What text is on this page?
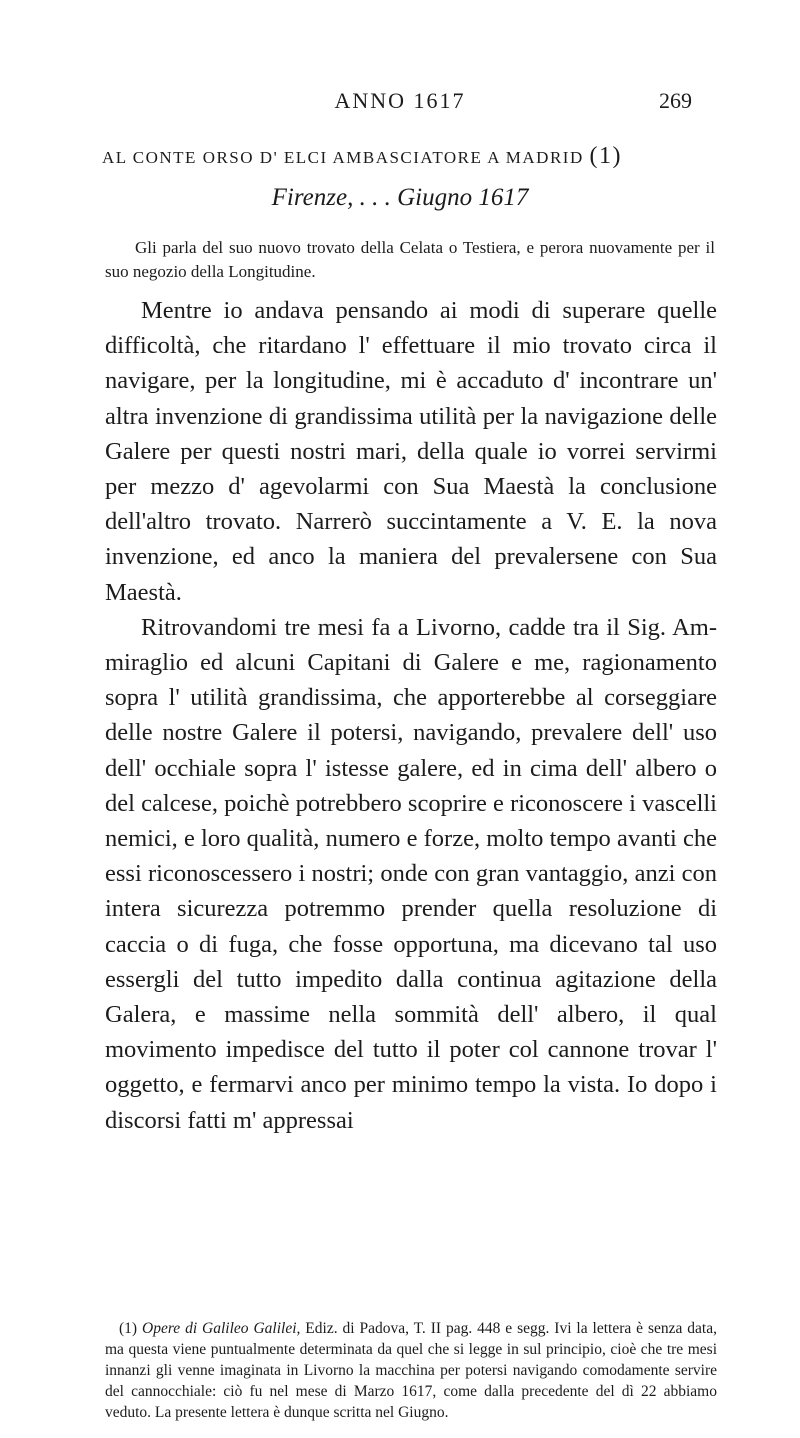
ANNO 1617	269
AL CONTE ORSO D' ELCI AMBASCIATORE A MADRID (1)
Firenze, . . . Giugno 1617
Gli parla del suo nuovo trovato della Celata o Testiera, e perora nuovamente per il suo negozio della Longitudine.

Mentre io andava pensando ai modi di superare quelle difficoltà, che ritardano l' effettuare il mio trovato circa il navigare, per la longitudine, mi è accaduto d' incontrare un' altra invenzione di grandissima utilità per la navigazione delle Galere per questi nostri mari, della quale io vorrei servirmi per mezzo d' agevolarmi con Sua Maestà la conclusione dell'altro trovato. Narrerò succintamente a V. E. la nova invenzione, ed anco la maniera del prevalersene con Sua Maestà.

Ritrovandomi tre mesi fa a Livorno, cadde tra il Sig. Ammiraglio ed alcuni Capitani di Galere e me, ragionamento sopra l' utilità grandissima, che apporterebbe al corseggiare delle nostre Galere il potersi, navigando, prevalere dell' uso dell' occhiale sopra l' istesse galere, ed in cima dell' albero o del calcese, poichè potrebbero scoprire e riconoscere i vascelli nemici, e loro qualità, numero e forze, molto tempo avanti che essi riconoscessero i nostri; onde con gran vantaggio, anzi con intera sicurezza potremmo prender quella resoluzione di caccia o di fuga, che fosse opportuna, ma dicevano tal uso essergli del tutto impedito dalla continua agitazione della Galera, e massime nella sommità dell' albero, il qual movimento impedisce del tutto il poter col cannone trovar l' oggetto, e fermarvi anco per minimo tempo la vista. Io dopo i discorsi fatti m' appressai

(1) Opere di Galileo Galilei, Ediz. di Padova, T. II pag. 448 e segg. Ivi la lettera è senza data, ma questa viene puntualmente determinata da quel che si legge in sul principio, cioè che tre mesi innanzi gli venne imaginata in Livorno la macchina per potersi navigando comodamente servire del cannocchiale: ciò fu nel mese di Marzo 1617, come dalla precedente del dì 22 abbiamo veduto. La presente lettera è dunque scritta nel Giugno.
